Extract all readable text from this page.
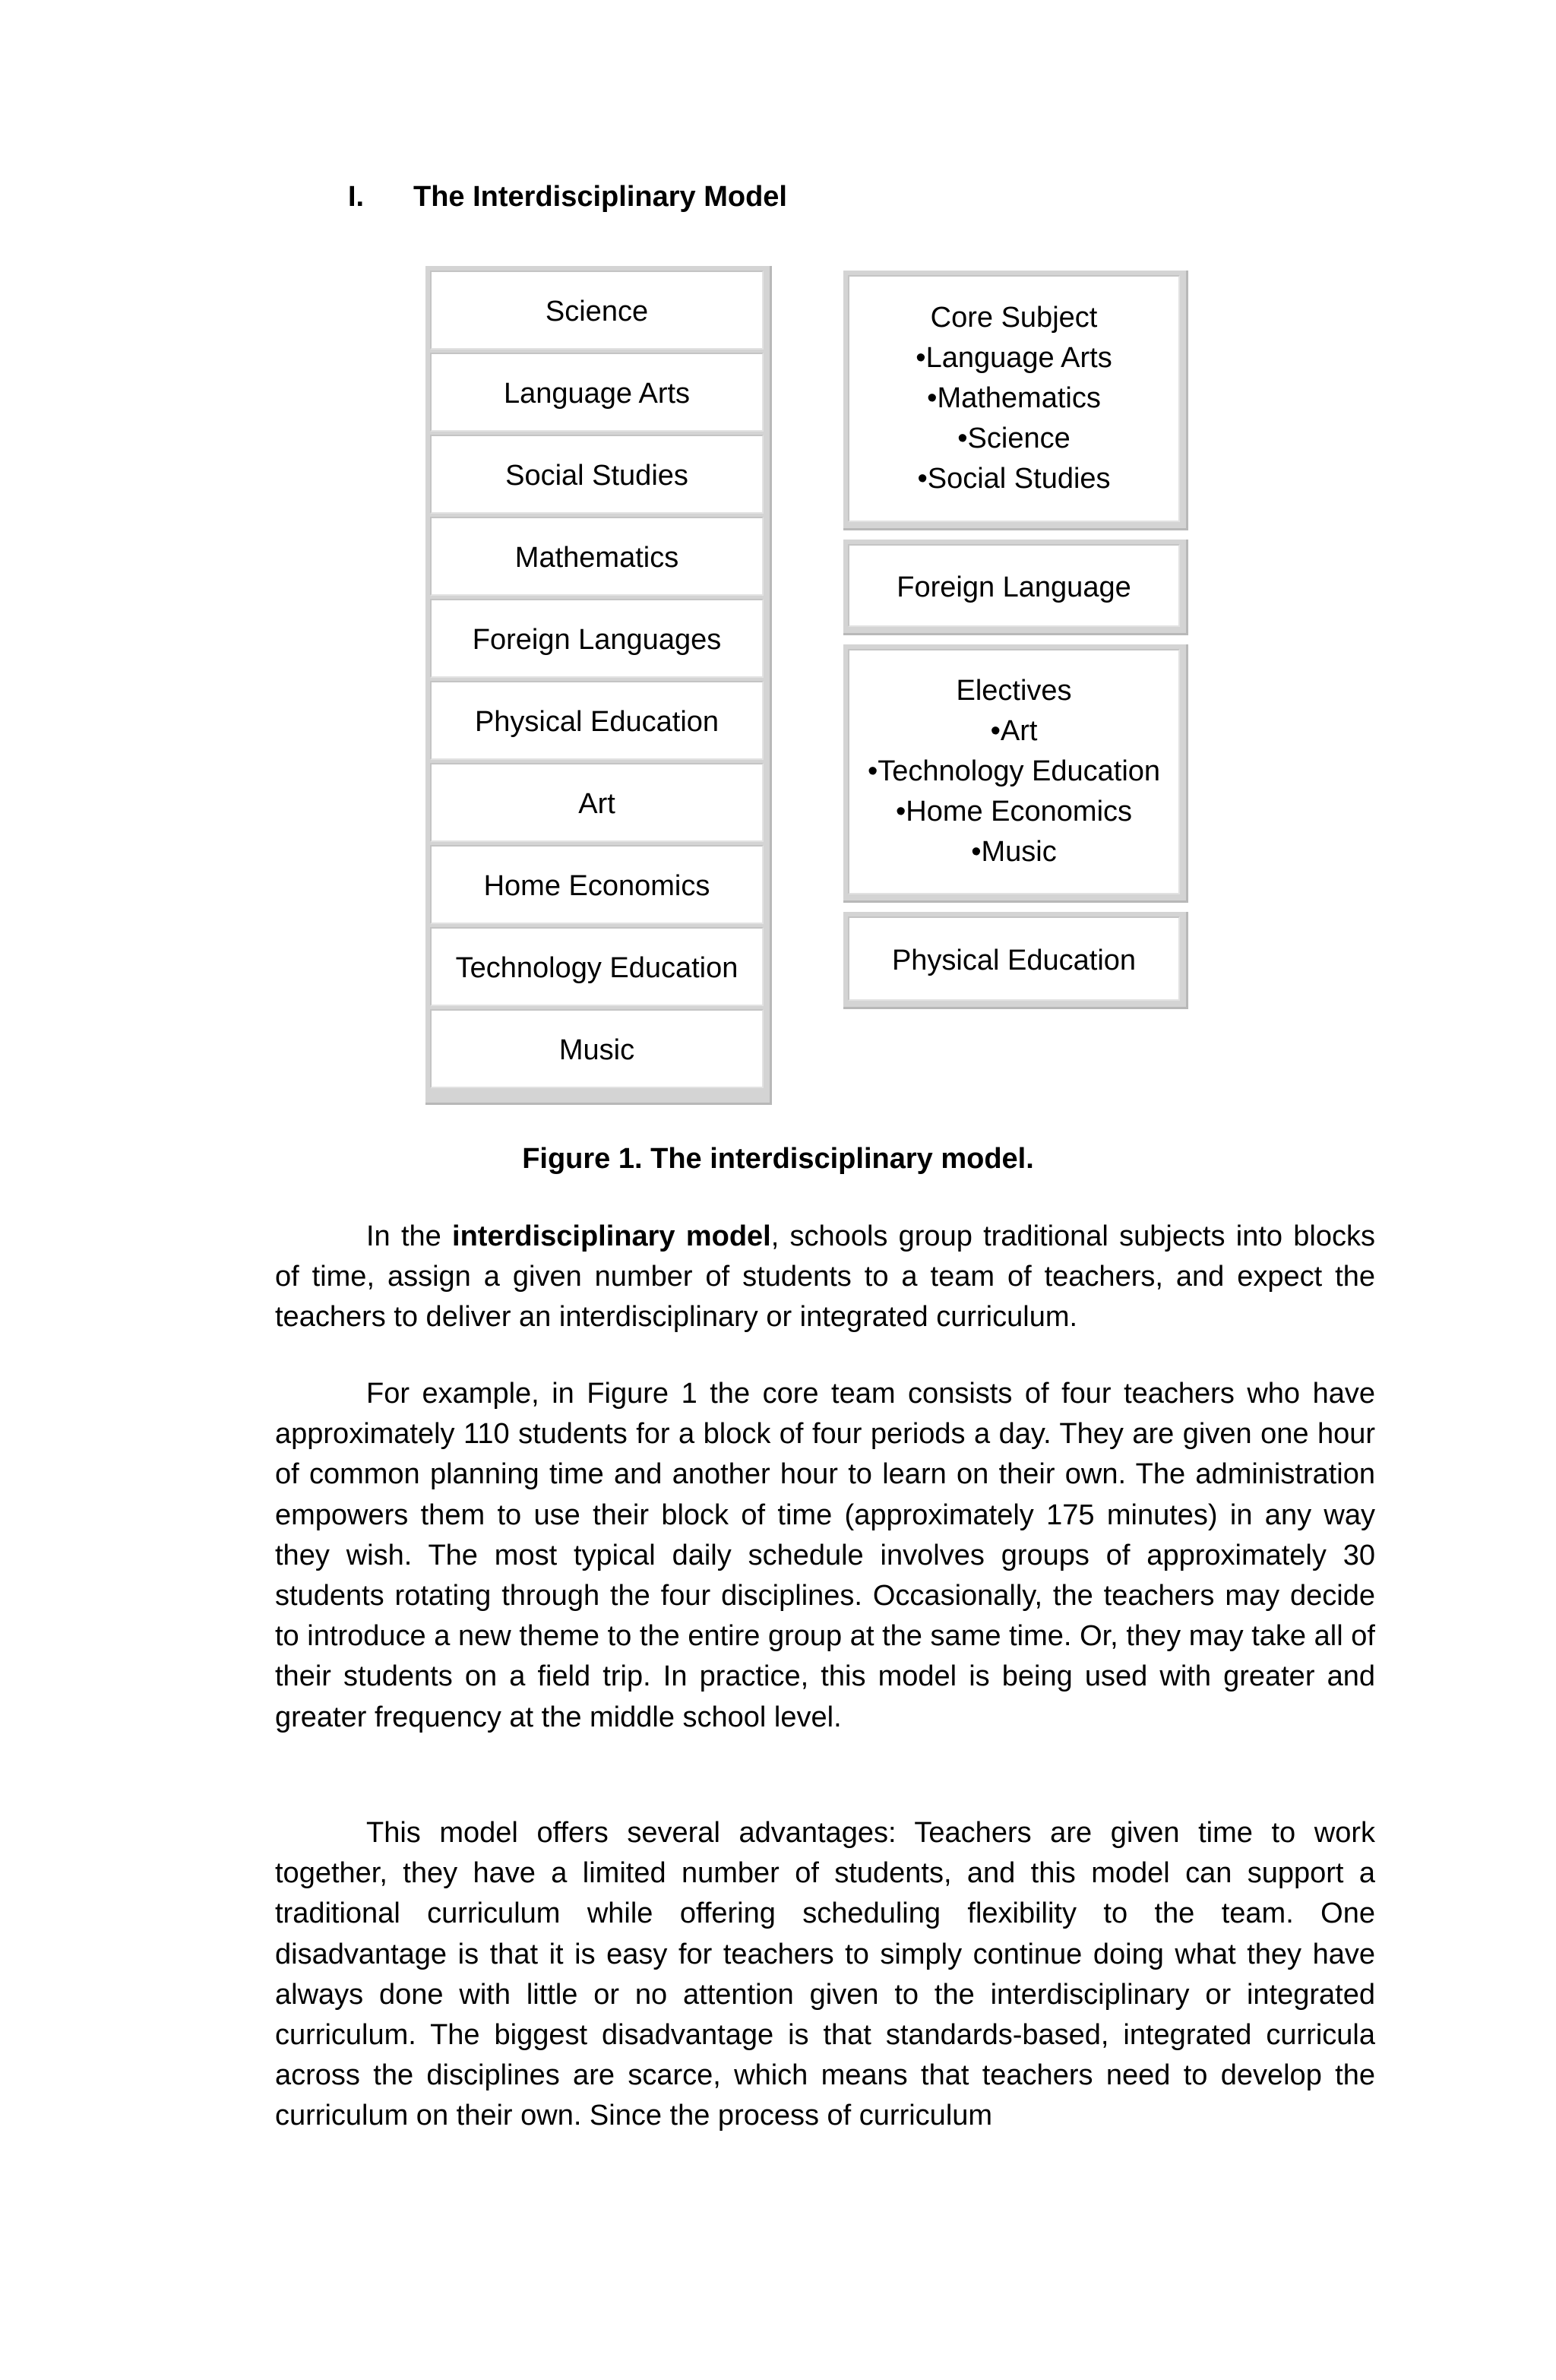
I.	The Interdisciplinary Model
Science
Language Arts
Social Studies
Mathematics
Foreign Languages
Physical Education
Art
Home Economics
Technology Education
Music
Core Subject
•Language Arts
•Mathematics
•Science
•Social Studies
Foreign Language
Electives
•Art
•Technology Education
•Home Economics
•Music
Physical Education
Figure 1. The interdisciplinary model.
In the interdisciplinary model, schools group traditional subjects into blocks of time, assign a given number of students to a team of teachers, and expect the teachers to deliver an interdisciplinary or integrated curriculum.
For example, in Figure 1 the core team consists of four teachers who have approximately 110 students for a block of four periods a day. They are given one hour of common planning time and another hour to learn on their own. The administration empowers them to use their block of time (approximately 175 minutes) in any way they wish. The most typical daily schedule involves groups of approximately 30 students rotating through the four disciplines. Occasionally, the teachers may decide to introduce a new theme to the entire group at the same time. Or, they may take all of their students on a field trip. In practice, this model is being used with greater and greater frequency at the middle school level.
This model offers several advantages: Teachers are given time to work together, they have a limited number of students, and this model can support a traditional curriculum while offering scheduling flexibility to the team. One disadvantage is that it is easy for teachers to simply continue doing what they have always done with little or no attention given to the interdisciplinary or integrated curriculum. The biggest disadvantage is that standards-based, integrated curricula across the disciplines are scarce, which means that teachers need to develop the curriculum on their own. Since the process of curriculum
